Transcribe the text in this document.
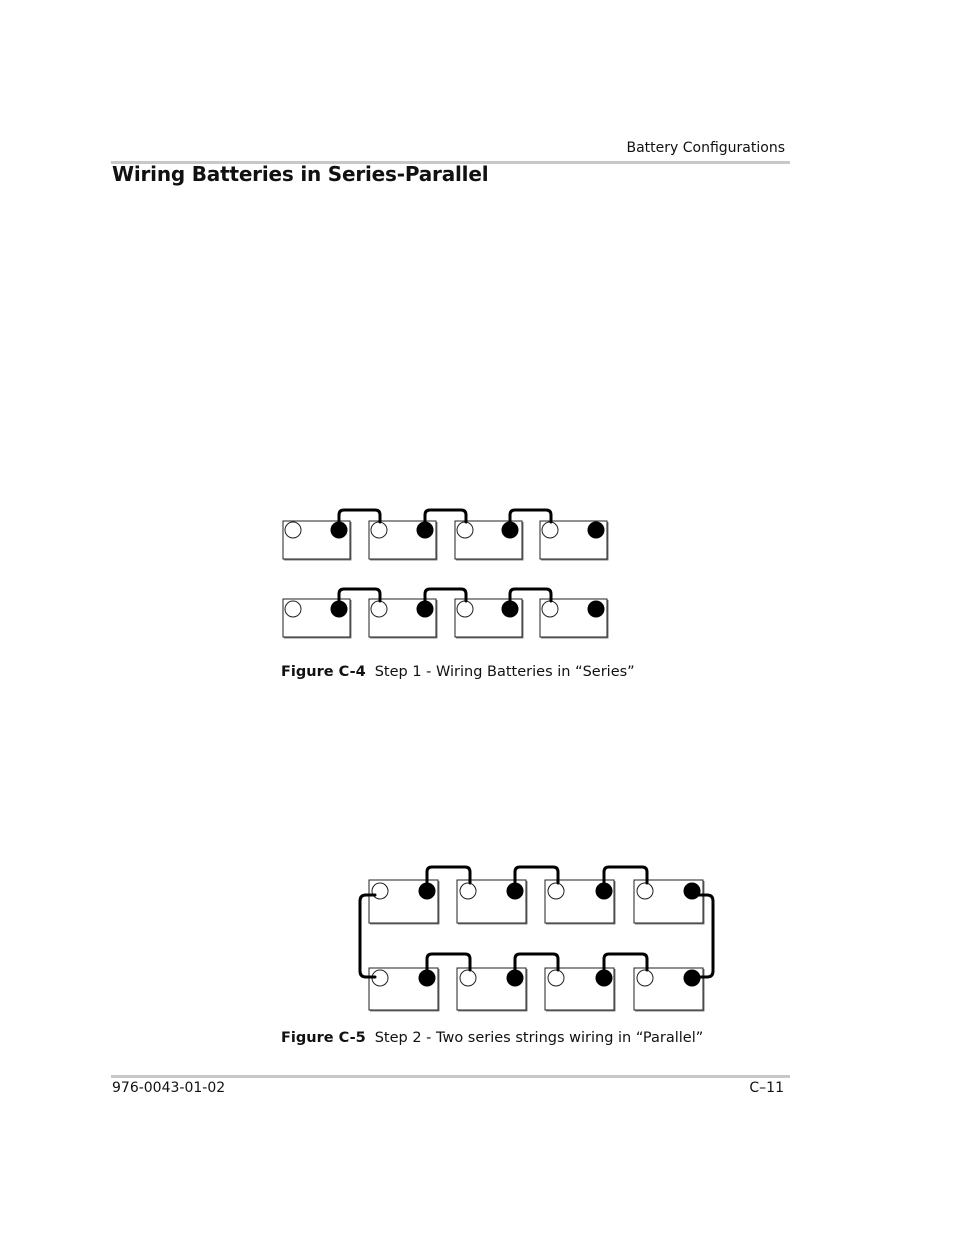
Battery Configurations
Wiring Batteries in Series-Parallel
Figure C-4 Step 1 - Wiring Batteries in “Series”
Figure C-5 Step 2 - Two series strings wiring in “Parallel”
976-0043-01-02	C–11
